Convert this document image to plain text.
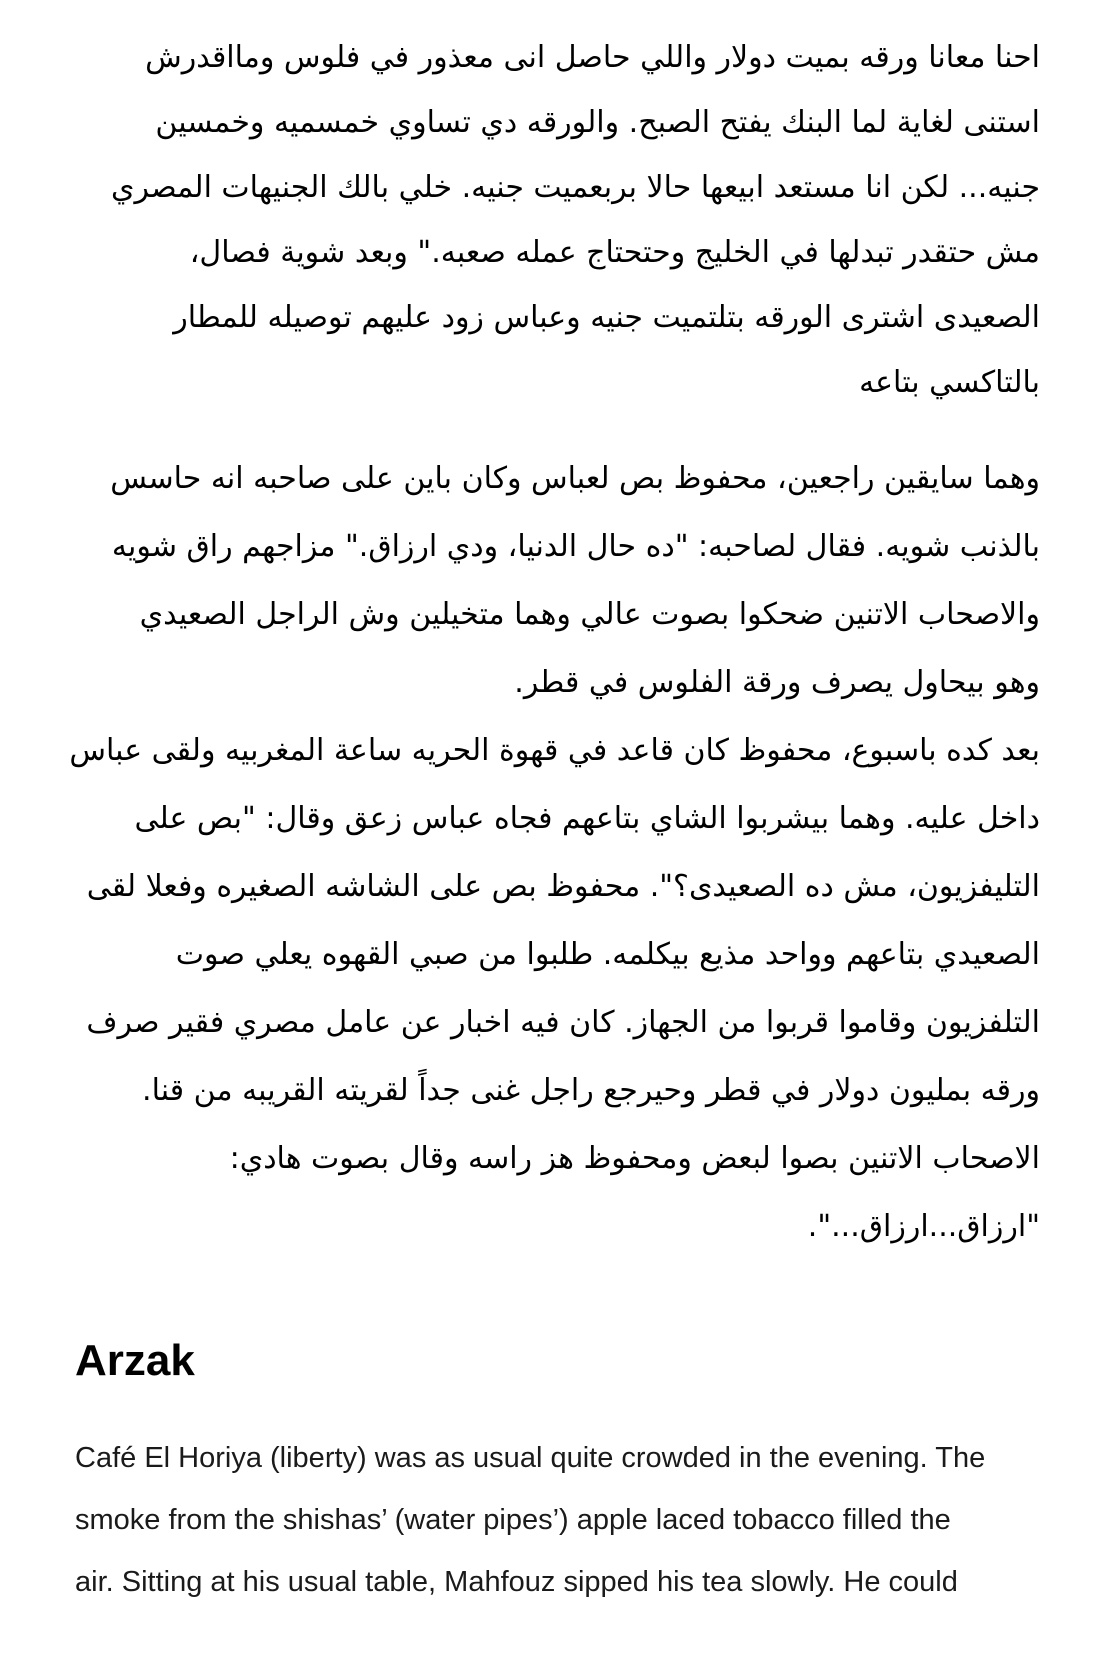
احنا معانا ورقه بميت دولار واللي حاصل انى معذور في فلوس ومااقدرش
استنى لغاية لما البنك يفتح الصبح. والورقه دي تساوي خمسميه وخمسين
جنيه... لكن انا مستعد ابيعها حالا بربعميت جنيه. خلي بالك الجنيهات المصري
مش حتقدر تبدلها في الخليج وحتحتاج عمله صعبه." وبعد شوية فصال،
الصعيدى اشترى الورقه بتلتميت جنيه وعباس زود عليهم توصيله للمطار
بالتاكسي بتاعه
وهما سايقين راجعين، محفوظ بص لعباس وكان باين على صاحبه انه حاسس
بالذنب شويه. فقال لصاحبه: "ده حال الدنيا، ودي ارزاق." مزاجهم راق شويه
والاصحاب الاتنين ضحكوا بصوت عالي وهما متخيلين وش الراجل الصعيدي
وهو بيحاول يصرف ورقة الفلوس في قطر.
بعد كده باسبوع، محفوظ كان قاعد في قهوة الحريه ساعة المغربيه ولقى عباس
داخل عليه. وهما بيشربوا الشاي بتاعهم فجاه عباس زعق وقال: "بص على
التليفزيون، مش ده الصعيدى؟". محفوظ بص على الشاشه الصغيره وفعلا لقى
الصعيدي بتاعهم وواحد مذيع بيكلمه. طلبوا من صبي القهوه يعلي صوت
التلفزيون وقاموا قربوا من الجهاز. كان فيه اخبار عن عامل مصري فقير صرف
ورقه بمليون دولار في قطر وحيرجع راجل غنى جداً لقريته القريبه من قنا.
الاصحاب الاتنين بصوا لبعض ومحفوظ هز راسه وقال بصوت هادي:
"ارزاق...ارزاق...".
Arzak
Café El Horiya (liberty) was as usual quite crowded in the evening. The
smoke from the shishas’ (water pipes’) apple laced tobacco filled the
air. Sitting at his usual table, Mahfouz sipped his tea slowly. He could
